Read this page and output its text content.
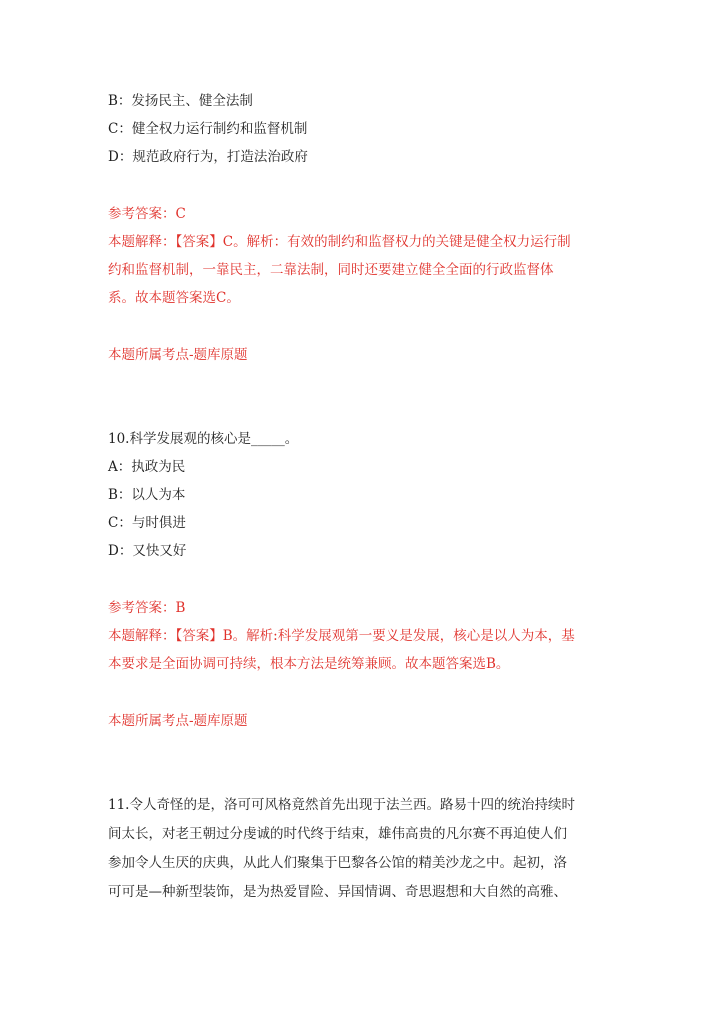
B：发扬民主、健全法制
C：健全权力运行制约和监督机制
D：规范政府行为，打造法治政府
参考答案：C
本题解释：【答案】C。解析：有效的制约和监督权力的关键是健全权力运行制
约和监督机制，一靠民主，二靠法制，同时还要建立健全全面的行政监督体
系。故本题答案选C。
本题所属考点-题库原题
10.科学发展观的核心是_____。
A：执政为民
B：以人为本
C：与时俱进
D：又快又好
参考答案：B
本题解释：【答案】B。解析:科学发展观第一要义是发展，核心是以人为本，基
本要求是全面协调可持续，根本方法是统筹兼顾。故本题答案选B。
本题所属考点-题库原题
11.令人奇怪的是，洛可可风格竟然首先出现于法兰西。路易十四的统治持续时
间太长，对老王朝过分虔诚的时代终于结束，雄伟高贵的凡尔赛不再迫使人们
参加令人生厌的庆典，从此人们聚集于巴黎各公馆的精美沙龙之中。起初，洛
可可是—种新型装饰，是为热爱冒险、异国情调、奇思遐想和大自然的高雅、
